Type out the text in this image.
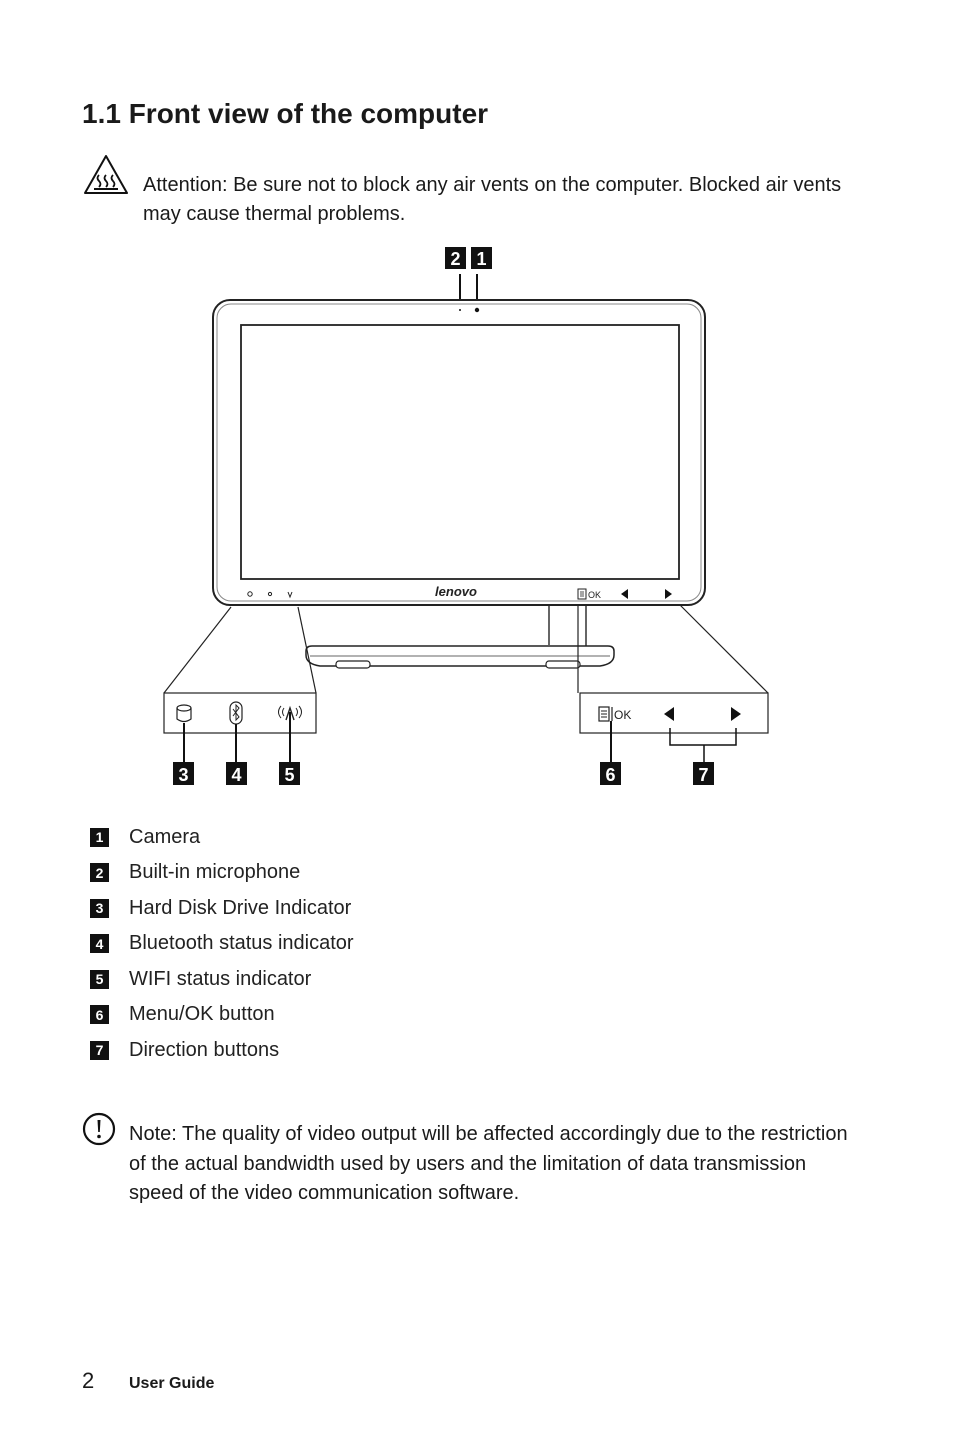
1.1 Front view of the computer
Attention: Be sure not to block any air vents on the computer. Blocked air vents may cause thermal problems.
2 1
lenovo	OK
OK
3 4 5	6	7
1 Camera
2 Built-in microphone
3 Hard Disk Drive Indicator
4 Bluetooth status indicator
5 WIFI status indicator
6 Menu/OK button
7 Direction buttons
Note: The quality of video output will be affected accordingly due to the restriction of the actual bandwidth used by users and the limitation of data transmission speed of the video communication software.
2 User Guide
